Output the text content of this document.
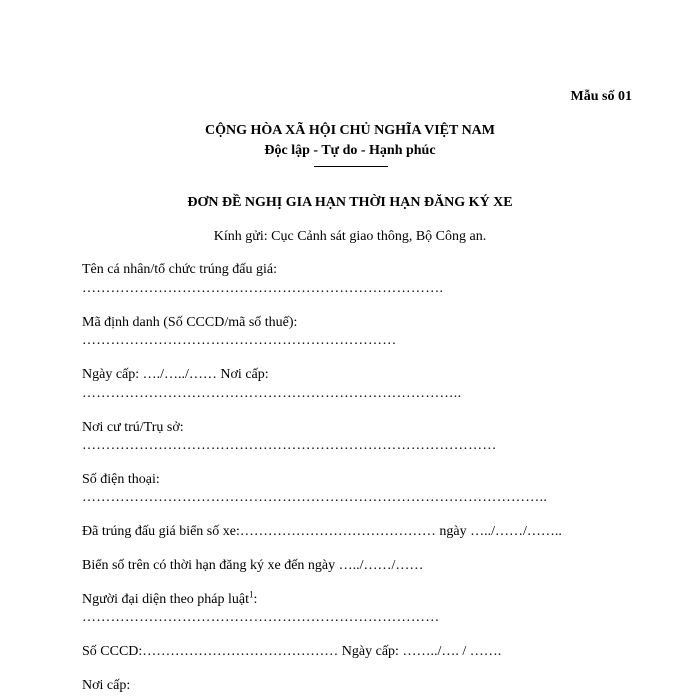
Mẫu số 01
CỘNG HÒA XÃ HỘI CHỦ NGHĨA VIỆT NAM
Độc lập - Tự do - Hạnh phúc
ĐƠN ĐỀ NGHỊ GIA HẠN THỜI HẠN ĐĂNG KÝ XE
Kính gửi: Cục Cảnh sát giao thông, Bộ Công an.
Tên cá nhân/tổ chức trúng đấu giá:
………………………………………………………………….
Mã định danh (Số CCCD/mã số thuế):
…………………………………………………………
Ngày cấp: …./…../…… Nơi cấp:
……………………………………………………………………..
Nơi cư trú/Trụ sở:
……………………………………………………………………………
Số điện thoại:
……………………………………………………………………………………..
Đã trúng đấu giá biển số xe:…………………………………… ngày …../……/……..
Biển số trên có thời hạn đăng ký xe đến ngày …../……/……
Người đại diện theo pháp luật$^1$:
…………………………………………………………………
Số CCCD:…………………………………… Ngày cấp: ……../…. / …….
Nơi cấp:
